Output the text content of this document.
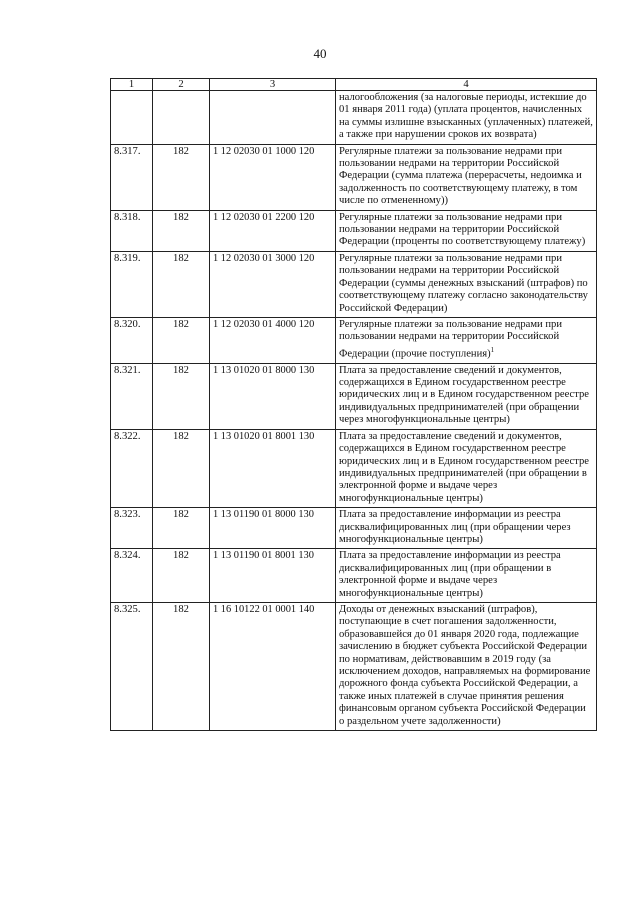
40
1	2	3	4
			налогообложения (за налоговые периоды, истекшие до 01 января 2011 года) (уплата процентов, начисленных на суммы излишне взысканных (уплаченных) платежей, а также при нарушении сроков их возврата)
8.317.	182	1 12 02030 01 1000 120	Регулярные платежи за пользование недрами при пользовании недрами на территории Российской Федерации (сумма платежа (перерасчеты, недоимка и задолженность по соответствующему платежу, в том числе по отмененному))
8.318.	182	1 12 02030 01 2200 120	Регулярные платежи за пользование недрами при пользовании недрами на территории Российской Федерации (проценты по соответствующему платежу)
8.319.	182	1 12 02030 01 3000 120	Регулярные платежи за пользование недрами при пользовании недрами на территории Российской Федерации (суммы денежных взысканий (штрафов) по соответствующему платежу согласно законодательству Российской Федерации)
8.320.	182	1 12 02030 01 4000 120	Регулярные платежи за пользование недрами при пользовании недрами на территории Российской Федерации (прочие поступления)$^1$
8.321.	182	1 13 01020 01 8000 130	Плата за предоставление сведений и документов, содержащихся в Едином государственном реестре юридических лиц и в Едином государственном реестре индивидуальных предпринимателей (при обращении через многофункциональные центры)
8.322.	182	1 13 01020 01 8001 130	Плата за предоставление сведений и документов, содержащихся в Едином государственном реестре юридических лиц и в Едином государственном реестре индивидуальных предпринимателей (при обращении в электронной форме и выдаче через многофункциональные центры)
8.323.	182	1 13 01190 01 8000 130	Плата за предоставление информации из реестра дисквалифицированных лиц (при обращении через многофункциональные центры)
8.324.	182	1 13 01190 01 8001 130	Плата за предоставление информации из реестра дисквалифицированных лиц (при обращении в электронной форме и выдаче через многофункциональные центры)
8.325.	182	1 16 10122 01 0001 140	Доходы от денежных взысканий (штрафов), поступающие в счет погашения задолженности, образовавшейся до 01 января 2020 года, подлежащие зачислению в бюджет субъекта Российской Федерации по нормативам, действовавшим в 2019 году (за исключением доходов, направляемых на формирование дорожного фонда субъекта Российской Федерации, а также иных платежей в случае принятия решения финансовым органом субъекта Российской Федерации о раздельном учете задолженности)
